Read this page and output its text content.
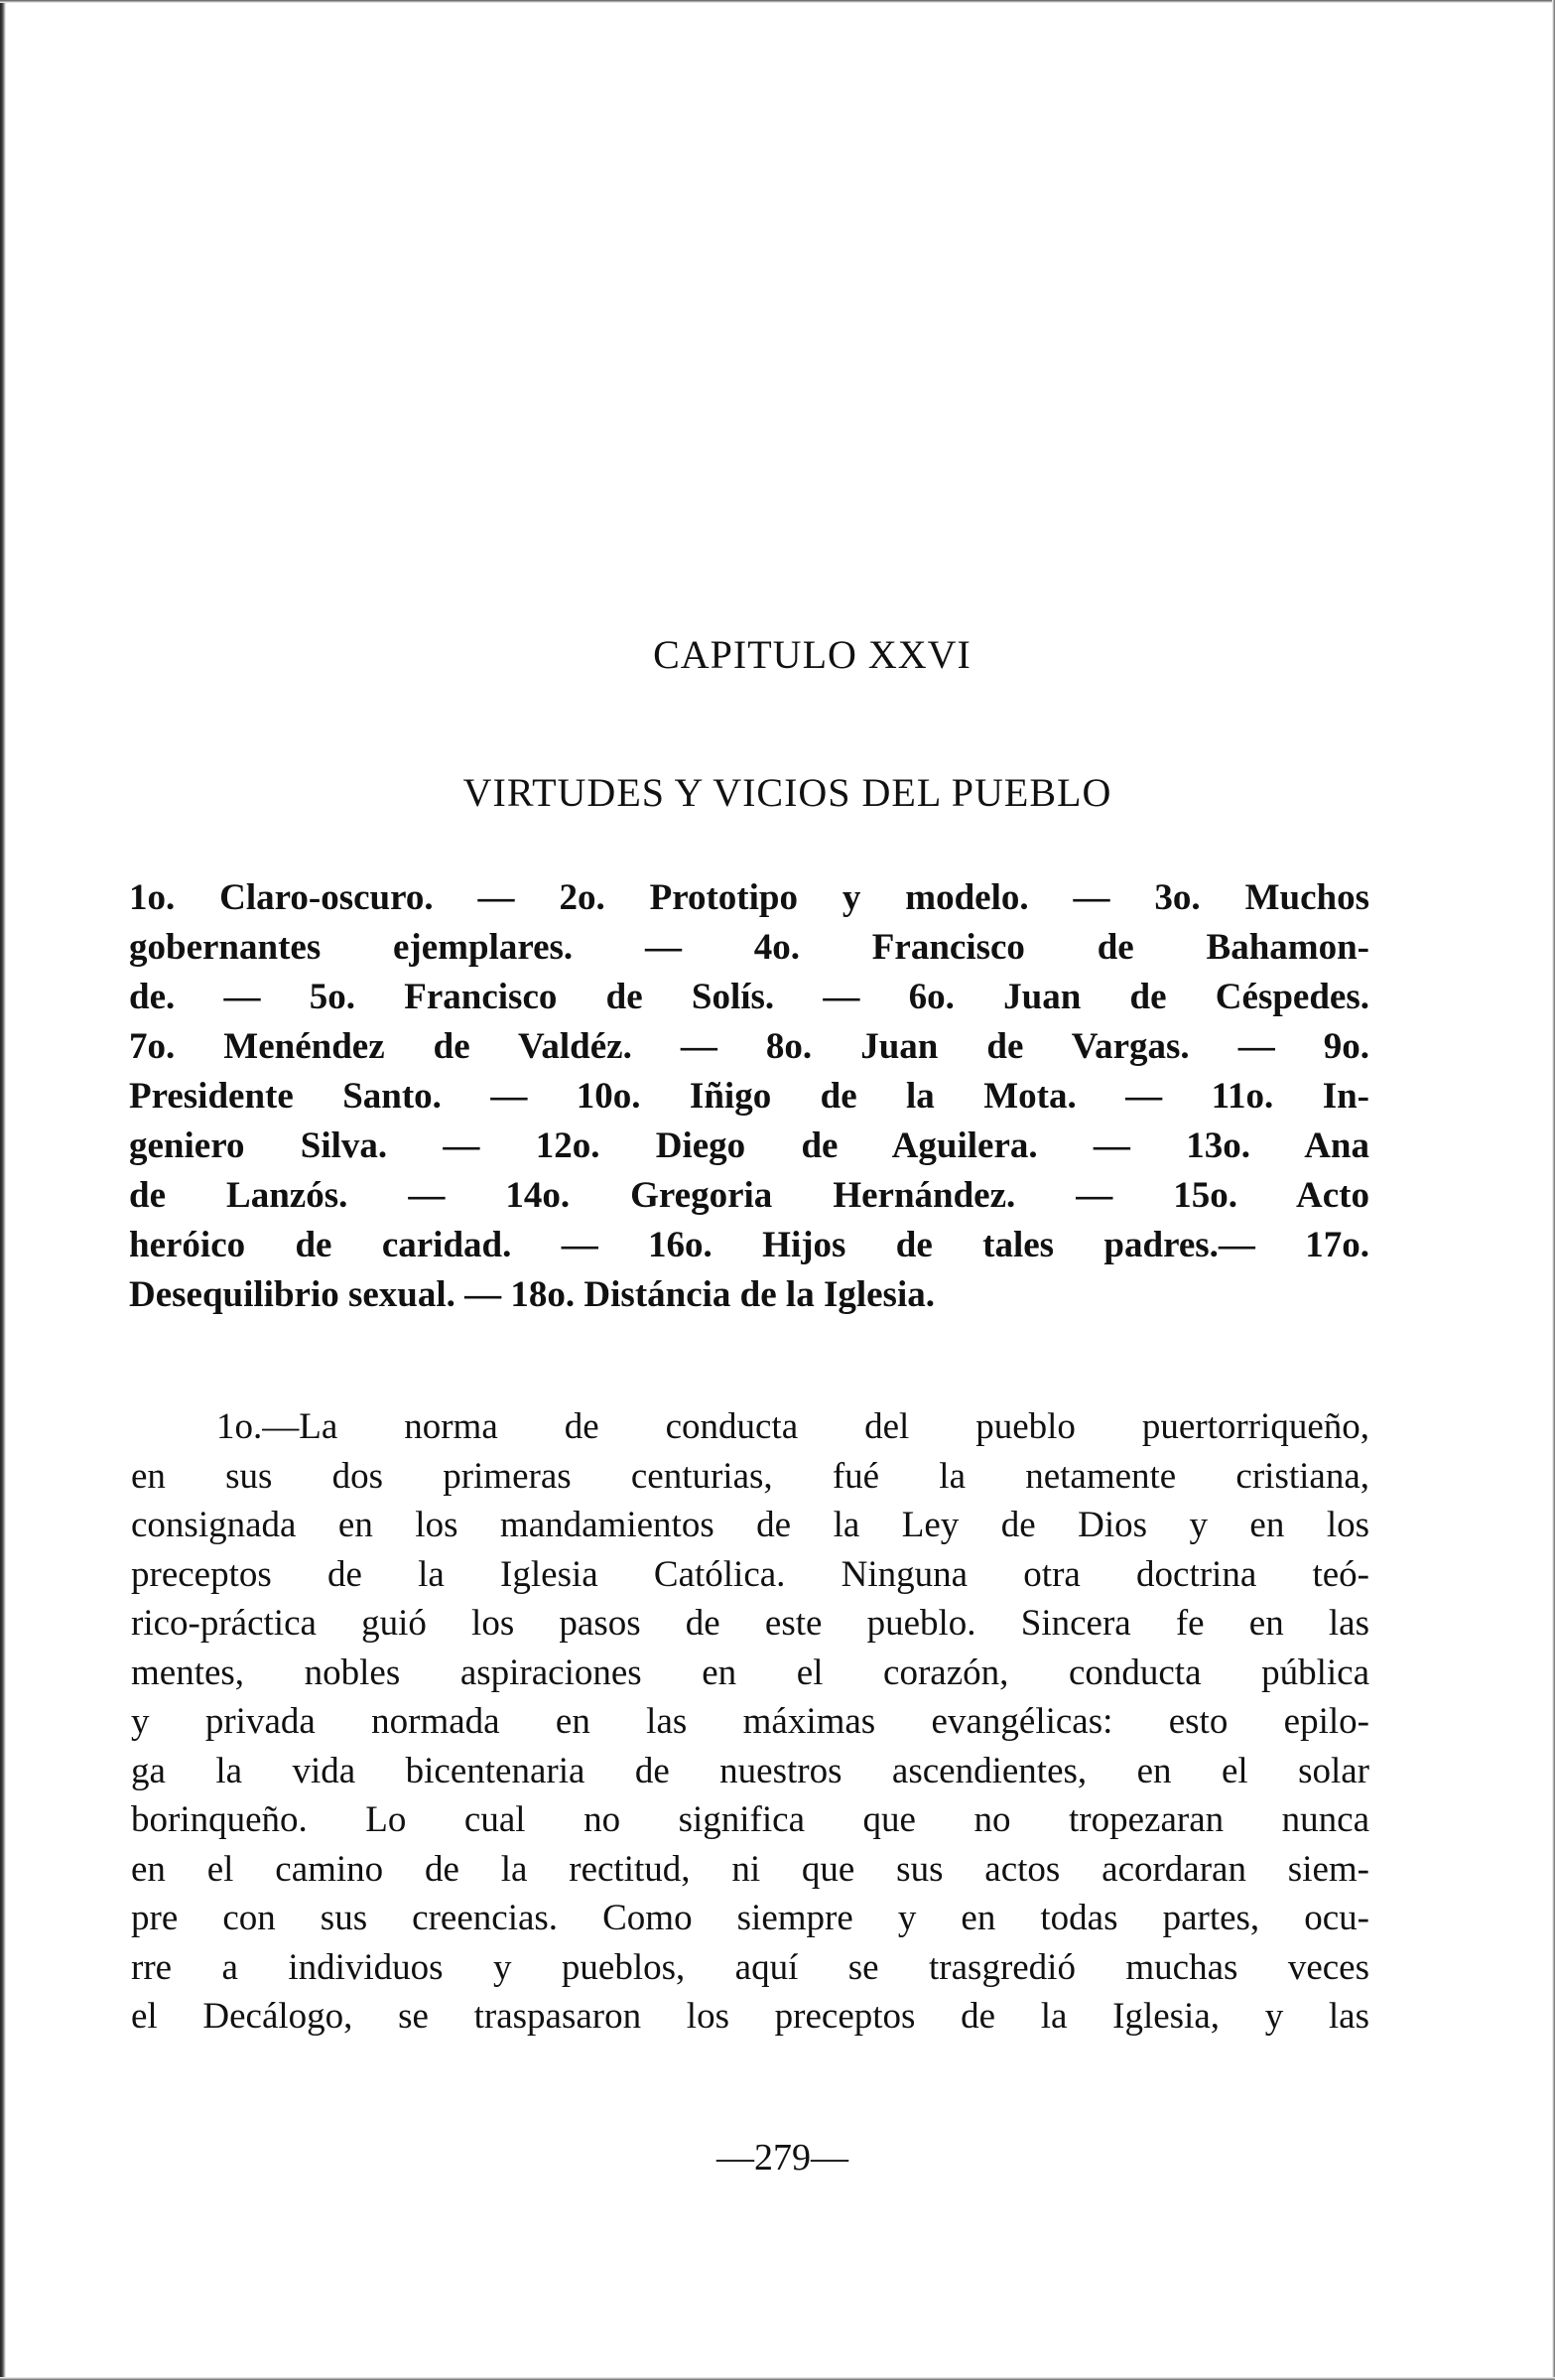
CAPITULO XXVI
VIRTUDES Y VICIOS DEL PUEBLO
1o. Claro-oscuro. — 2o. Prototipo y modelo. — 3o. Muchos
gobernantes ejemplares. — 4o. Francisco de Bahamon-
de. — 5o. Francisco de Solís. — 6o. Juan de Céspedes.
7o. Menéndez de Valdéz. — 8o. Juan de Vargas. — 9o.
Presidente Santo. — 10o. Iñigo de la Mota. — 11o. In-
geniero Silva. — 12o. Diego de Aguilera. — 13o. Ana
de Lanzós. — 14o. Gregoria Hernández. — 15o. Acto
heróico de caridad. — 16o. Hijos de tales padres.— 17o.
Desequilibrio sexual. — 18o. Distáncia de la Iglesia.
1o.—La norma de conducta del pueblo puertorriqueño,
en sus dos primeras centurias, fué la netamente cristiana,
consignada en los mandamientos de la Ley de Dios y en los
preceptos de la Iglesia Católica. Ninguna otra doctrina teó-
rico-práctica guió los pasos de este pueblo. Sincera fe en las
mentes, nobles aspiraciones en el corazón, conducta pública
y privada normada en las máximas evangélicas: esto epilo-
ga la vida bicentenaria de nuestros ascendientes, en el solar
borinqueño. Lo cual no significa que no tropezaran nunca
en el camino de la rectitud, ni que sus actos acordaran siem-
pre con sus creencias. Como siempre y en todas partes, ocu-
rre a individuos y pueblos, aquí se trasgredió muchas veces
el Decálogo, se traspasaron los preceptos de la Iglesia, y las
—279—
